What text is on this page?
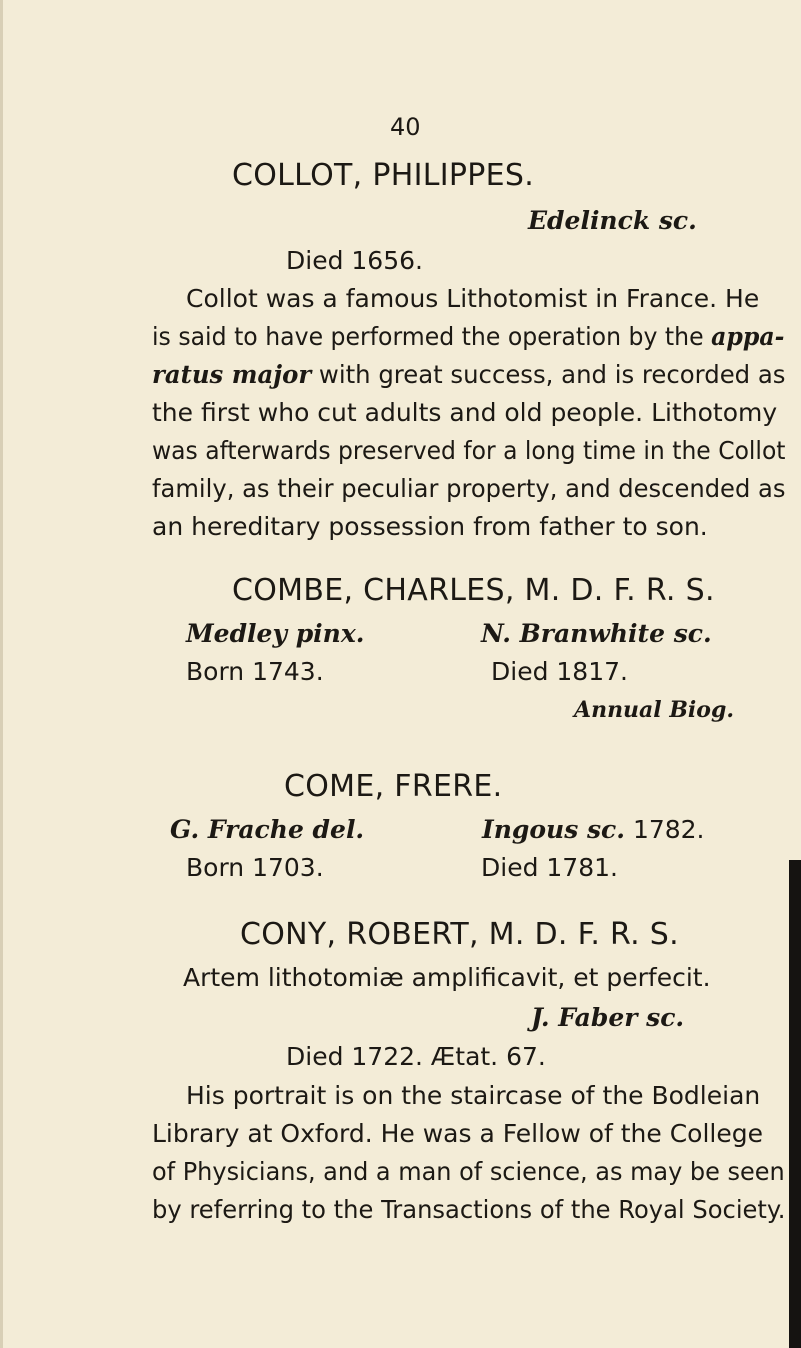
40
COLLOT, PHILIPPES.
Edelinck sc.
Died 1656.
Collot was a famous Lithotomist in France. He
is said to have performed the operation by the appa-
ratus major with great success, and is recorded as
the first who cut adults and old people. Lithotomy
was afterwards preserved for a long time in the Collot
family, as their peculiar property, and descended as
an hereditary possession from father to son.
COMBE, CHARLES, M. D. F. R. S.
Medley pinx.	N. Branwhite sc.
Born 1743.	Died 1817.
Annual Biog.
COME, FRERE.
G. Frache del.	Ingous sc. 1782.
Born 1703.	Died 1781.
CONY, ROBERT, M. D. F. R. S.
Artem lithotomiæ amplificavit, et perfecit.
J. Faber sc.
Died 1722. Ætat. 67.
His portrait is on the staircase of the Bodleian
Library at Oxford. He was a Fellow of the College
of Physicians, and a man of science, as may be seen
by referring to the Transactions of the Royal Society.
